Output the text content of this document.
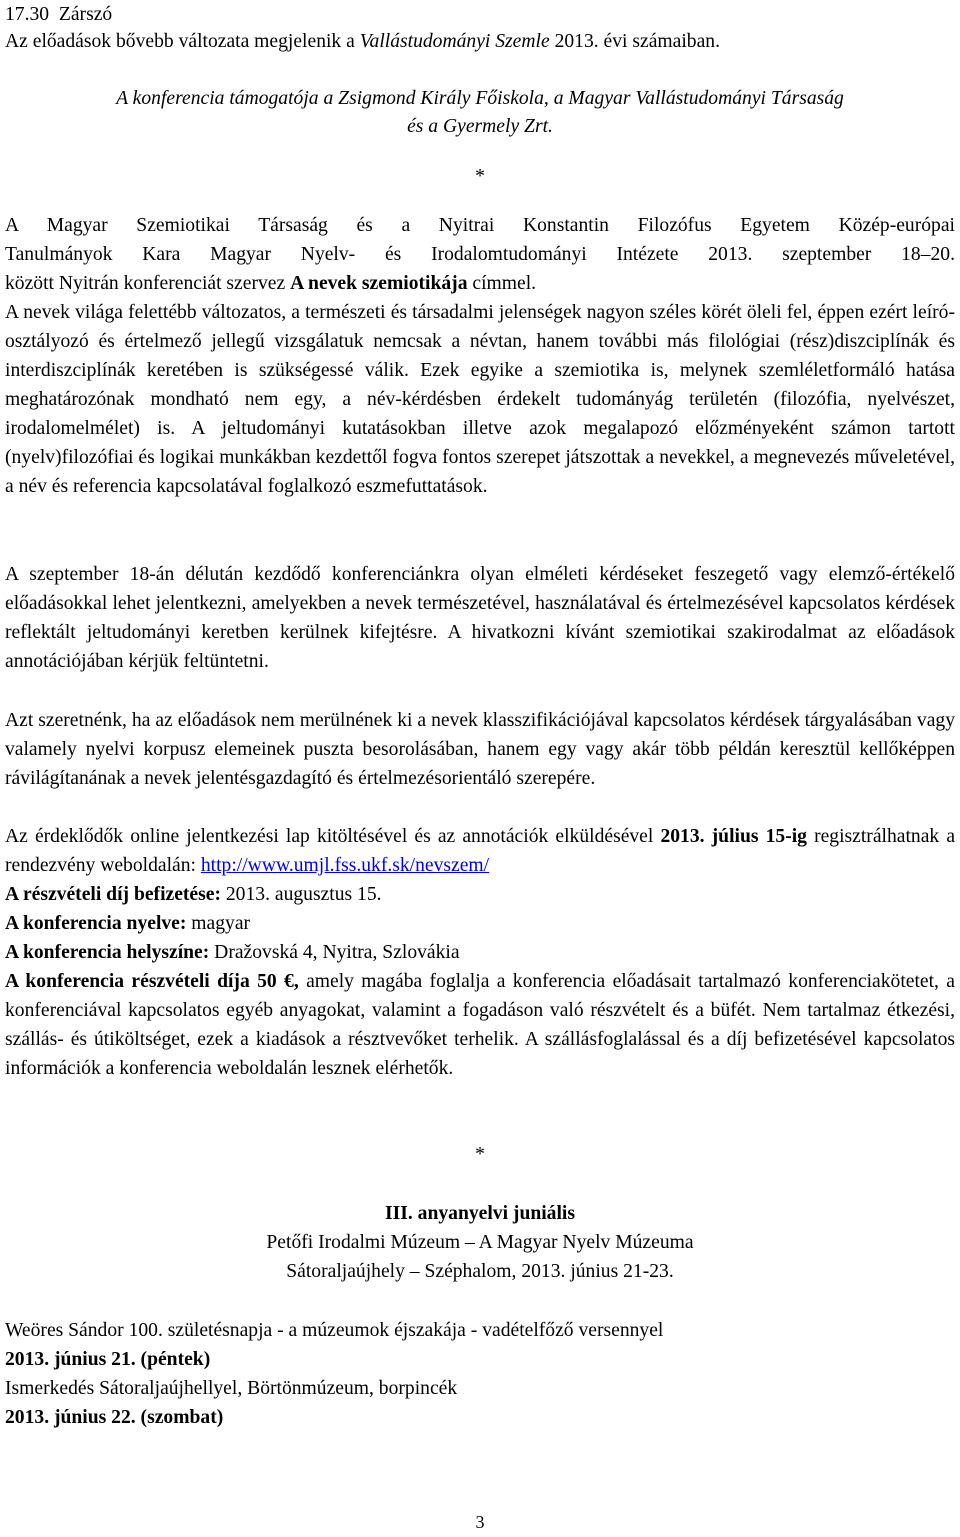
17.30 Zárszó
Az előadások bővebb változata megjelenik a Vallástudományi Szemle 2013. évi számaiban.
A konferencia támogatója a Zsigmond Király Főiskola, a Magyar Vallástudományi Társaság
és a Gyermely Zrt.
*
A Magyar Szemiotikai Társaság és a Nyitrai Konstantin Filozófus Egyetem Közép-európai
Tanulmányok Kara Magyar Nyelv- és Irodalomtudományi Intézete 2013. szeptember 18–20.
között Nyitrán konferenciát szervez A nevek szemiotikája címmel.

A nevek világa felettébb változatos, a természeti és társadalmi jelenségek nagyon széles körét öleli fel, éppen ezért leíró-osztályozó és értelmező jellegű vizsgálatuk nemcsak a névtan, hanem további más filológiai (rész)diszciplínák és interdiszciplínák keretében is szükségessé válik. Ezek egyike a szemiotika is, melynek szemléletformáló hatása meghatározónak mondható nem egy, a név-kérdésben érdekelt tudományág területén (filozófia, nyelvészet, irodalomelmélet) is. A jeltudományi kutatásokban illetve azok megalapozó előzményeként számon tartott (nyelv)filozófiai és logikai munkákban kezdettől fogva fontos szerepet játszottak a nevekkel, a megnevezés műveletével, a név és referencia kapcsolatával foglalkozó eszmefuttatások.

A szeptember 18-án délután kezdődő konferenciánkra olyan elméleti kérdéseket feszegető vagy elemző-értékelő előadásokkal lehet jelentkezni, amelyekben a nevek természetével, használatával és értelmezésével kapcsolatos kérdések reflektált jeltudományi keretben kerülnek kifejtésre. A hivatkozni kívánt szemiotikai szakirodalmat az előadások annotációjában kérjük feltüntetni.

Azt szeretnénk, ha az előadások nem merülnének ki a nevek klasszifikációjával kapcsolatos kérdések tárgyalásában vagy valamely nyelvi korpusz elemeinek puszta besorolásában, hanem egy vagy akár több példán keresztül kellőképpen rávilágítanának a nevek jelentésgazdagító és értelmezésorientáló szerepére.

Az érdeklődők online jelentkezési lap kitöltésével és az annotációk elküldésével 2013. július 15-ig regisztrálhatnak a rendezvény weboldalán: http://www.umjl.fss.ukf.sk/nevszem/

A részvételi díj befizetése: 2013. augusztus 15.
A konferencia nyelve: magyar
A konferencia helyszíne: Dražovská 4, Nyitra, Szlovákia

A konferencia részvételi díja 50 €, amely magába foglalja a konferencia előadásait tartalmazó konferenciakötetet, a konferenciával kapcsolatos egyéb anyagokat, valamint a fogadáson való részvételt és a büfét. Nem tartalmaz étkezési, szállás- és útiköltséget, ezek a kiadások a résztvevőket terhelik. A szállásfoglalással és a díj befizetésével kapcsolatos információk a konferencia weboldalán lesznek elérhetők.

*
III. anyanyelvi juniális
Petőfi Irodalmi Múzeum – A Magyar Nyelv Múzeuma
Sátoraljaújhely – Széphalom, 2013. június 21-23.
Weöres Sándor 100. születésnapja - a múzeumok éjszakája - vadételfőző versennyel
2013. június 21. (péntek)
Ismerkedés Sátoraljaújhellyel, Börtönmúzeum, borpincék
2013. június 22. (szombat)
3
